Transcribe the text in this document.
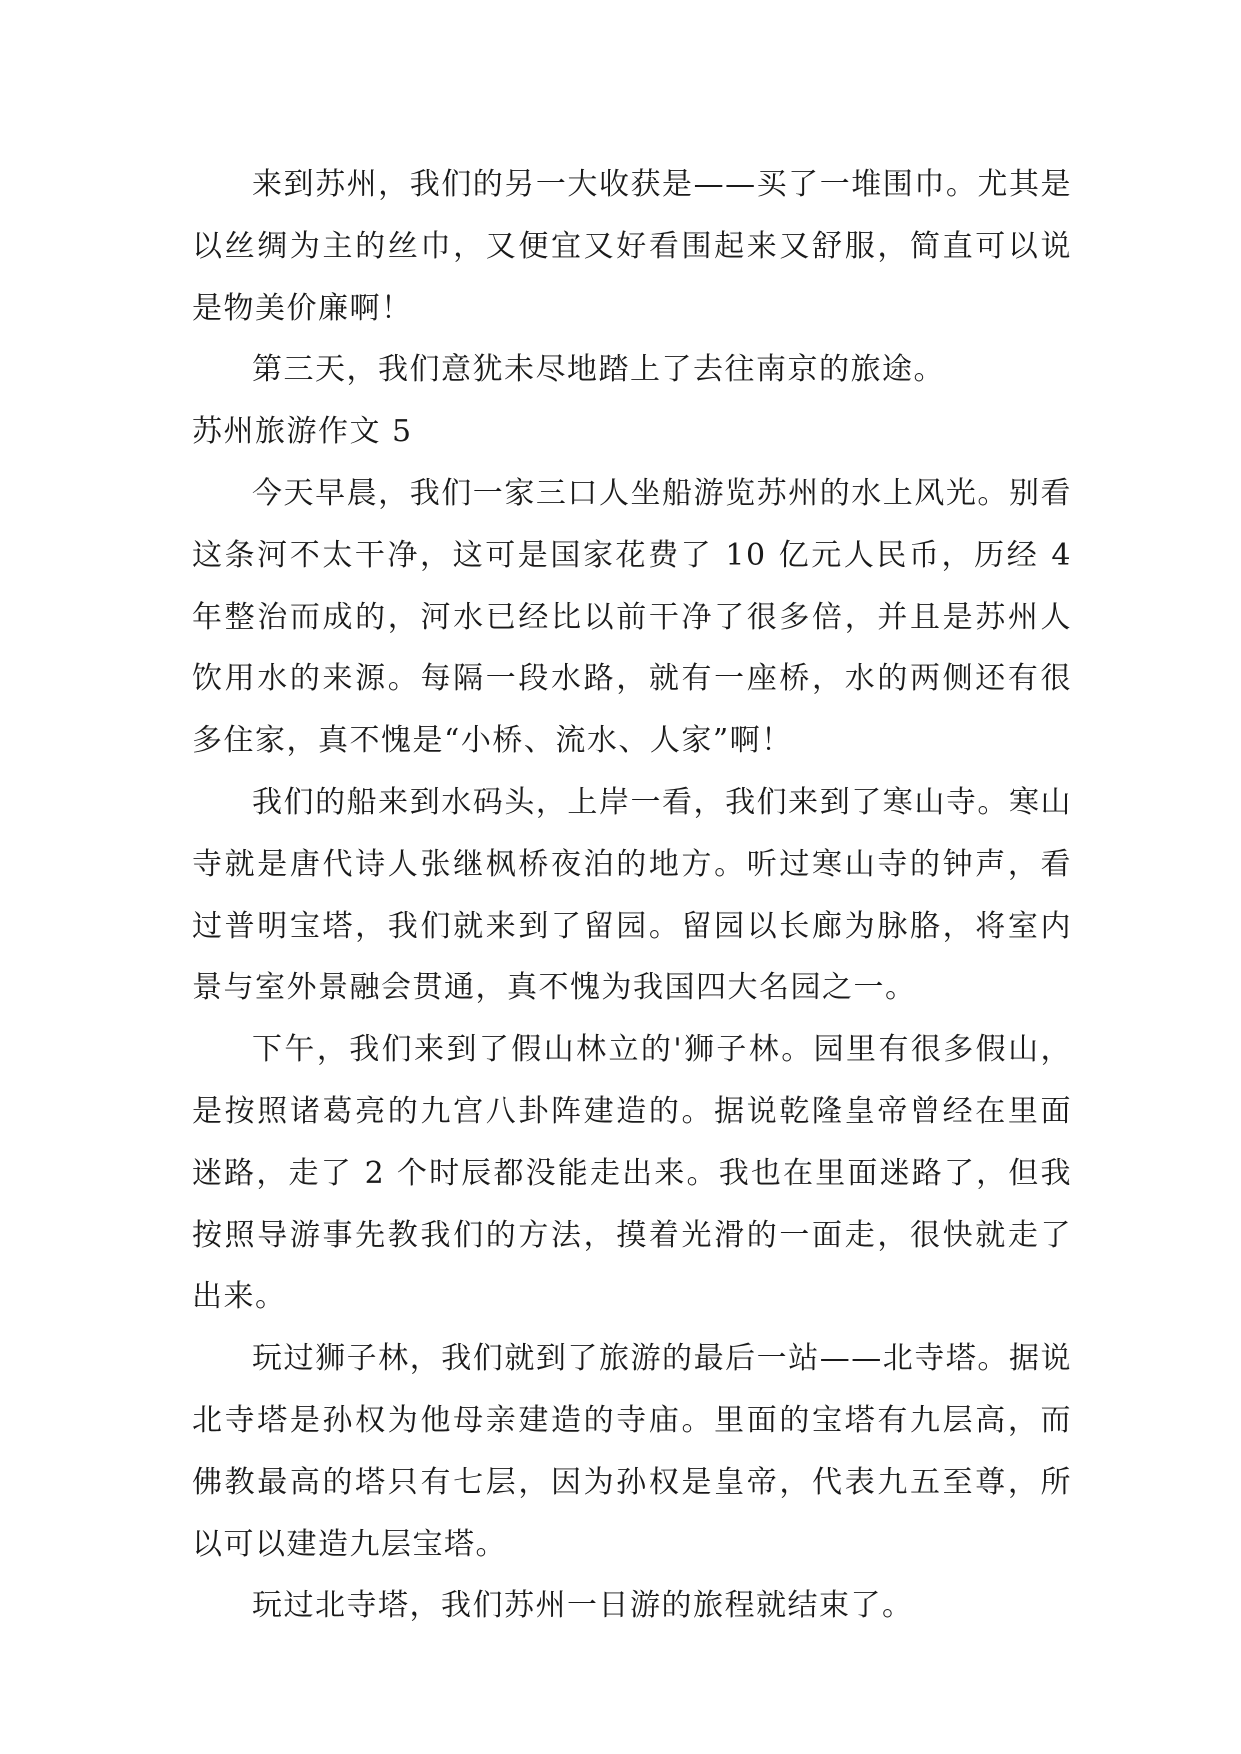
来到苏州，我们的另一大收获是——买了一堆围巾。尤其是以丝绸为主的丝巾，又便宜又好看围起来又舒服，简直可以说是物美价廉啊！

第三天，我们意犹未尽地踏上了去往南京的旅途。

苏州旅游作文 5

今天早晨，我们一家三口人坐船游览苏州的水上风光。别看这条河不太干净，这可是国家花费了 10 亿元人民币，历经 4 年整治而成的，河水已经比以前干净了很多倍，并且是苏州人饮用水的来源。每隔一段水路，就有一座桥，水的两侧还有很多住家，真不愧是“小桥、流水、人家”啊！

我们的船来到水码头，上岸一看，我们来到了寒山寺。寒山寺就是唐代诗人张继枫桥夜泊的地方。听过寒山寺的钟声，看过普明宝塔，我们就来到了留园。留园以长廊为脉胳，将室内景与室外景融会贯通，真不愧为我国四大名园之一。

下午，我们来到了假山林立的'狮子林。园里有很多假山，是按照诸葛亮的九宫八卦阵建造的。据说乾隆皇帝曾经在里面迷路，走了 2 个时辰都没能走出来。我也在里面迷路了，但我按照导游事先教我们的方法，摸着光滑的一面走，很快就走了出来。

玩过狮子林，我们就到了旅游的最后一站——北寺塔。据说北寺塔是孙权为他母亲建造的寺庙。里面的宝塔有九层高，而佛教最高的塔只有七层，因为孙权是皇帝，代表九五至尊，所以可以建造九层宝塔。

玩过北寺塔，我们苏州一日游的旅程就结束了。
